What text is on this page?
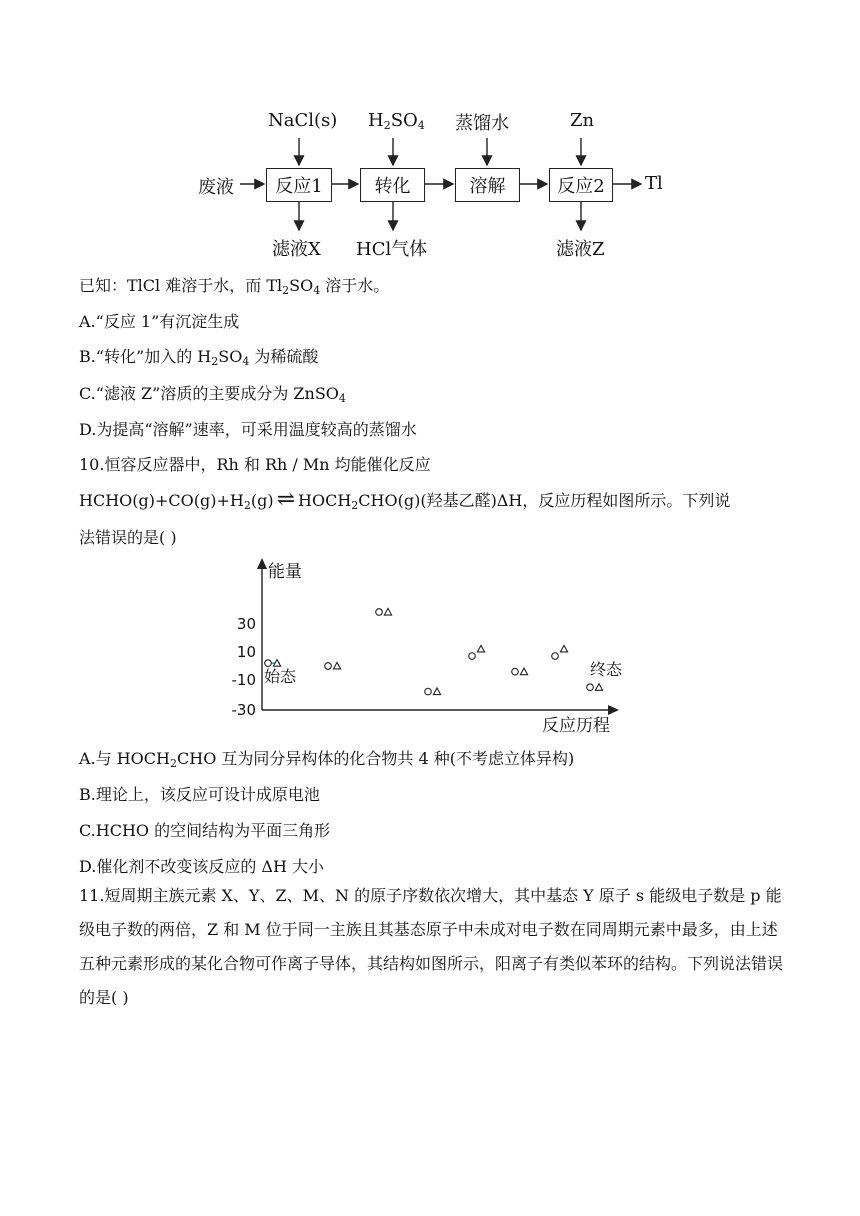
NaCl(s) $H_2SO_4$ 蒸馏水	Zn
废液	反应1	转化	溶解	反应2	Tl
滤液X HCl气体	滤液Z
已知：TlCl 难溶于水，而 $Tl_2SO_4$ 溶于水。
A.“反应 1”有沉淀生成
B.“转化”加入的 $H_2SO_4$ 为稀硫酸
C.“滤液 Z”溶质的主要成分为 ZnSO$_4$
D.为提高“溶解”速率，可采用温度较高的蒸馏水
10.恒容反应器中，Rh 和 Rh / Mn 均能催化反应
$HCHO(g)+CO(g)+H_2(g)$ ⇌ $HOCH_2CHO(g)$(羟基乙醛)ΔH，反应历程如图所示。下列说
法错误的是( )
能量
反应历程
30
10
-10
-30
始态	终态
A.与 $HOCH_2CHO$ 互为同分异构体的化合物共 4 种(不考虑立体异构)
B.理论上，该反应可设计成原电池
C.HCHO 的空间结构为平面三角形
D.催化剂不改变该反应的 ΔH 大小
11.短周期主族元素 X、Y、Z、M、N 的原子序数依次增大，其中基态 Y 原子 s 能级电子数是 p 能级电子数的两倍，Z 和 M 位于同一主族且其基态原子中未成对电子数在同周期元素中最多，由上述五种元素形成的某化合物可作离子导体，其结构如图所示，阳离子有类似苯环的结构。下列说法错误的是( )
